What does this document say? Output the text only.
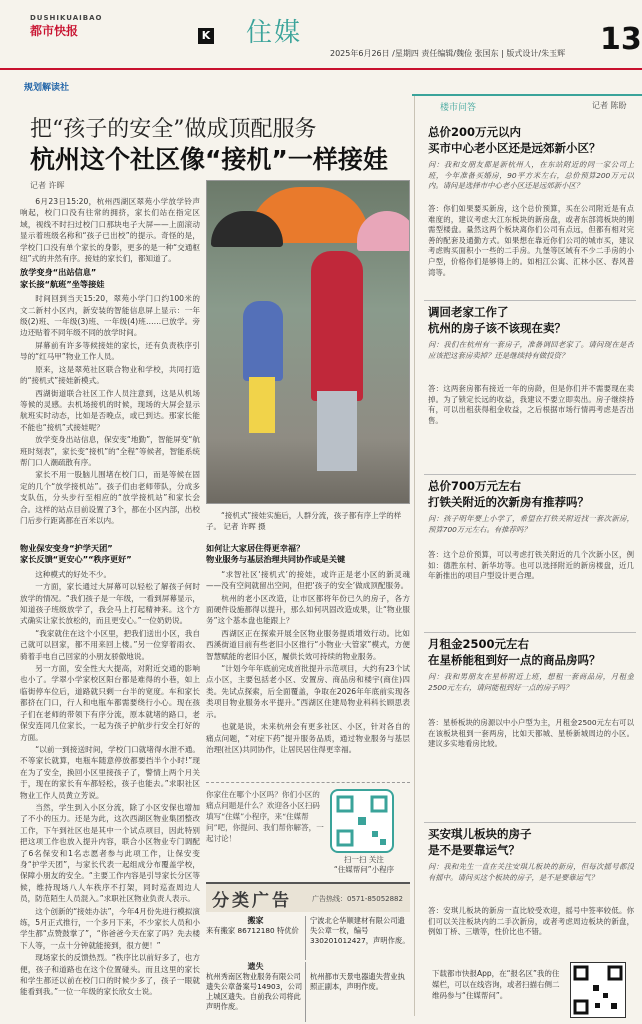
DUSHIKUAIBAO
都市快报	K 住媒
2025年6月26日 /星期四 责任编辑/魏俭 张国东 | 版式设计/朱玉辉 13
规划解读社
把“孩子的安全”做成顶配服务
杭州这个社区像“接机”一样接娃
记者 许晖

6月23日15:20，杭州西湖区翠苑小学放学铃声响起，校门口没有往常的拥挤，家长们站在指定区域，视线不时扫过校门口那块电子大屏——上面滚动显示着班级名称和“孩子已出校”的提示。奇怪的是，学校门口没有单个家长的身影，更多的是一种“交通枢纽”式的井然有序。接娃的家长们，都知道了。

放学变身“出站信息”
家长接“航班”坐等接娃

时间回到当天15:20，翠苑小学门口约100米的文二新村小区内，新安装的智能信息屏上显示：一年级(2)班、一年级(3)班、一年级(4)班……已放学。旁边还贴着不同年级不同的放学时间。

屏幕前有许多等候接娃的家长，还有负责秩序引导的“红马甲”物业工作人员。

原来，这是翠苑社区联合物业和学校，共同打造的“接机式”接娃新模式。

西湖街道联合社区工作人员注意到，这是从机场等候的灵感。去机场接机的时候，现场的大屏会显示航班实时动态，比如是否晚点，或已到达。那家长能不能也“接机”式接娃呢？

放学变身出站信息，保安变“地勤”，智能屏变“航班时刻表”，家长变“接机”的“全程”等候者，智能系统帮门口人潮疏散有序。

家长不用一股脑儿围堵在校门口，而是等候在固定的几个“放学接机站”。孩子们由老师带队，分成多支队伍，分头步行至相应的“放学接机站”和家长会合。这样的站点目前设置了3个，都在小区内部，出校门后步行距离都在百米以内。

物业保安变身“护学天团”
家长反馈“更安心”“秩序更好”

这种模式的好处不少。

一方面，家长通过大屏幕可以轻松了解孩子何时放学的情况。“我们孩子是一年级，一看到屏幕显示，知道孩子班级放学了，我会马上打起精神来。这个方式确实让家长放松的，而且更安心。”一位奶奶说。

“我家就住在这个小区里，把我们送出小区，我自己就可以回家，都不用来回上楼。”另一位穿着雨衣、骑着手电自己回家的小朋友骄傲地说。

另一方面，安全性大大提高，对附近交通的影响也小了。学翠小学家校区阳台都是难得的小巷，如上临街停车位后，道路就只剩一台半的宽度。车和家长都挤在门口，行人和电瓶车都需要绕行小心。现在孩子们在老师的带领下有序分流，原本就堵的路口，老保安连同几位家长，一起为孩子护航步行安全打好的方面。

“以前一到接送时间，学校门口就堵得水泄不通。不等家长就算，电瓶车随意停放都要挡半个小时!”现在为了安全，换回小区里接孩子了，警情上两个月关于，现在的家长有车都轻松，孩子也能去。”求职社区物业工作人员黄立芳说。

当然，学生到入小区分流，除了小区安保也增加了不小的压力。还是为此，这次西湖区物业集团整改工作，下午到社区也是其中一个试点项目，因此特别把这项工作也放入提升内容，联合小区物业专门调配了6名保安和1名志愿者参与此项工作，让保安变身“护学天团”，与家长代表一起组成分布覆盖学校，保障小朋友的安全。“主要工作内容是引导家长分区等候，维持现场八人车秩序不打架，同时巡查周边人员，防范陌生人员混入。”求职社区物业负责人表示。

这个创新的“接娃办法”，今年4月份先进行模拟演练，5月正式推行，一个多月下来，不少家长人员和小学生都“点赞鼓掌了”，“你爸爸今天在家了吗？先去楼下人等，一点十分钟就能接到，很方便！”

现场家长的反馈热烈。“秩序比以前好多了，也方便，孩子和道路也在这个位置碰头。而且这里的家长和学生都还以前在校门口的时候少多了，孩子一眼就能看到我。”一位一年级的家长欣女士说。

“接机式”接娃实施后，人群分流，孩子都有序上学的样子。 记者 许晖 摄
如何让大家居住得更幸福？
物业服务与基层治理共同协作或是关键

“求智社区‘接机式’的接娃，或许正是老小区的新灵魂——没有空间就留出空间，但把‘孩子的安全’做成顶配服务。

杭州的老小区改造，让市区都将年份已久的房子，各方面硬件设施都得以提升，那么如何巩固改造成果，让“物业服务”这个基本盘也能跟上？

西湖区正在探索开展全区物业服务提质增效行动。比如西溪街道目前有些老旧小区推行“小物业·大管家”模式，方便智慧赋能的老旧小区，履供长效可持续的物业服务。

“计划今年年底前完成首批提升示范项目，大约有23个试点小区，主要包括老小区、安置房、商品房和楼宇(商住)四类。先试点探索，后全面覆盖，争取在2026年年底前实现各类项目物业服务水平提升。”西湖区住建局物业科科长顾思表示。

也就是说，未来杭州会有更多社区、小区，针对各自的痛点问题，“对症下药”提升服务品质，通过物业服务与基层治理(社区)共同协作，让居民居住得更幸福。

你家住在哪个小区吗？你们小区的痛点问题是什么？欢迎各小区扫码填写“住媒”小程序，来“住媒帮问”吧，你提问、我们帮你解答，一起讨论！
扫一扫 关注
“住媒帮问”小程序
分类广告	广告热线：0571-85052882
搬家
来有搬家 86712180 特优价
遗失
杭州秀南区物业服务有限公司遗失公章备案号14903，公司上城区遗失。自前我公司将此声明作废。
宁波北仑华顺建材有限公司遗失公章一枚，编号330201012427，声明作废。
杭州都市天景电器遗失营业执照正副本，声明作废。
楼市问答	记者 陈盼
总价200万元以内
买市中心老小区还是远郊新小区？
问：我和女朋友都是新杭州人，在东站附近的同一家公司上班，今年准备买婚房，90平方米左右，总价预算200万元以内。请问是选择市中心老小区还是远郊新小区？
答：你们如果要买新房，这个总价预算，买在公司附近是有点难度的，建议考虑大江东板块的新房盘，或者东部湾板块的刚需型楼盘。量然这两个板块离你们公司有点远，但都有相对完善的配套及通勤方式。如果想在靠近你们公司的城市买，建议考虑购买面积小一些的二手房。九堡等区域有不少二手房的小户型，价格你们是够得上的。如相江公寓、汇林小区、春风普湾等。
调回老家工作了
杭州的房子该不该现在卖？
问：我们在杭州有一套房子，准备调回老家了。请问现在是否应该把这套房卖掉？还是继续持有做投资？
答：这两套房都有接近一年的房龄，但是你们并不需要现在卖掉。为了锁定长远的收益，我建议不要立即卖出。房子继续持有，可以出租获得租金收益，之后根据市场行情再考虑是否出售。
总价700万元左右
打铁关附近的次新房有推荐吗？
问：孩子明年要上小学了，希望在打铁关附近找一套次新房，预算700万元左右。有推荐吗？
答：这个总价预算，可以考虑打铁关附近的几个次新小区，例如：德胜东村、新华坊等。也可以选择附近的新房楼盘，近几年新推出的项目户型设计更合理。
月租金2500元左右
在星桥能租到好一点的商品房吗？
问：我和男朋友在星桥附近上班，想租一套商品房，月租金2500元左右，请问能租到好一点的房子吗？
答：星桥板块的房源以中小户型为主，月租金2500元左右可以在该板块租到一套两房，比如天都城、星桥新城周边的小区。建议多实地看房比较。
买安琪儿板块的房子
是不是要靠运气？
问：我和先生一直在关注安琪儿板块的新房，但每次摇号都没有摇中。请问买这个板块的房子，是不是要靠运气？
答：安琪儿板块的新房一直比较受欢迎，摇号中签率较低。你们可以关注板块内的二手次新房，或者考虑周边板块的新盘，例如丁桥、三墩等，性价比也不错。
下载都市快报App，在“报名区”我的住媒栏，可以在线咨询，或者扫描右侧二维码参与“住媒帮问”。
